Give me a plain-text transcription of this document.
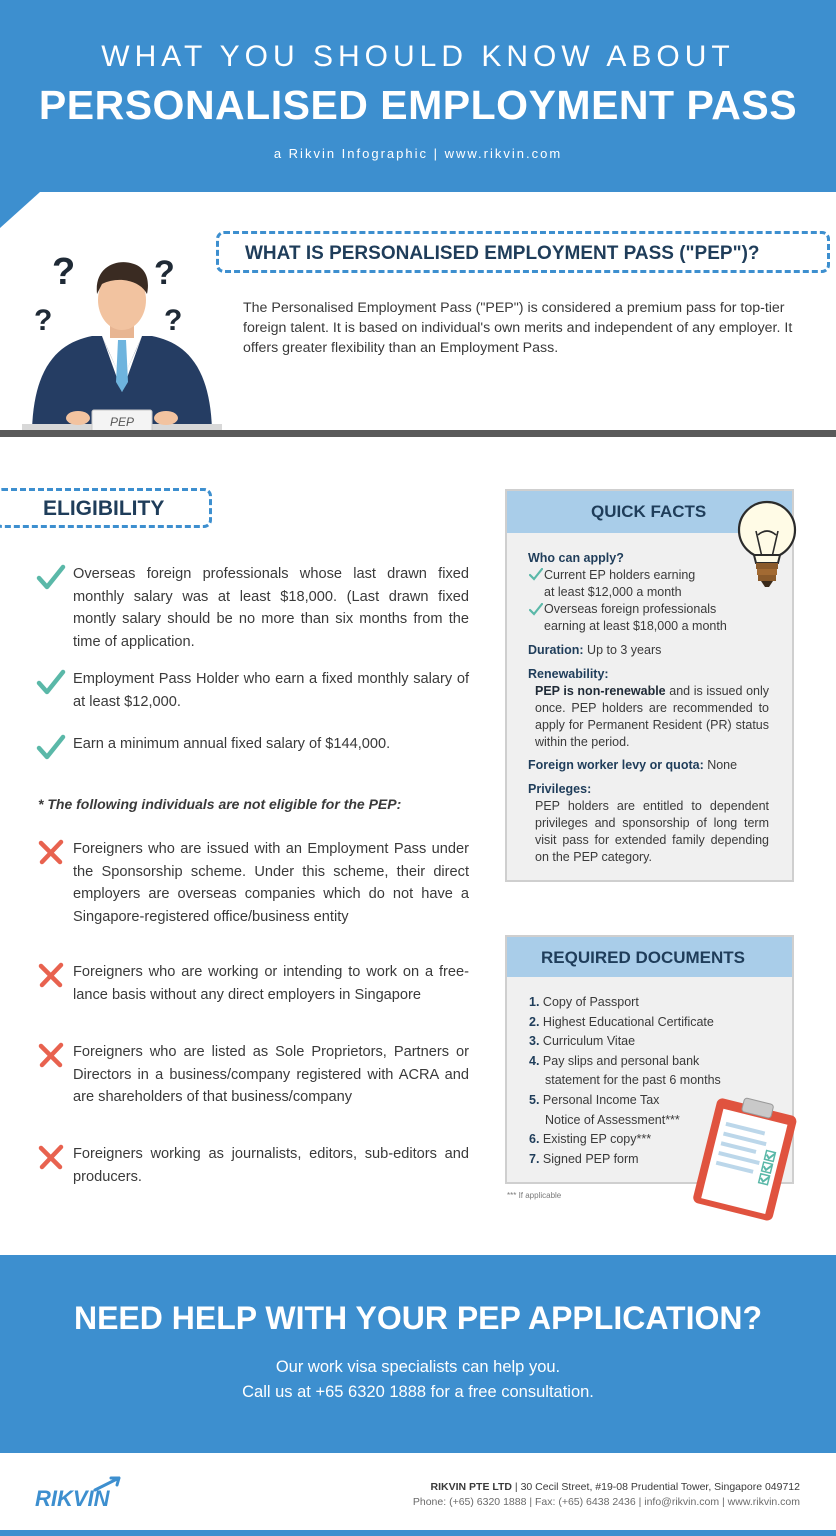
WHAT YOU SHOULD KNOW ABOUT
PERSONALISED EMPLOYMENT PASS
a Rikvin Infographic | www.rikvin.com
? ?
?	?
PEP
WHAT IS PERSONALISED EMPLOYMENT PASS ("PEP")?
The Personalised Employment Pass ("PEP") is considered a premium pass for top-tier foreign talent. It is based on individual's own merits and independent of any employer. It offers greater flexibility than an Employment Pass.
ELIGIBILITY
Overseas foreign professionals whose last drawn fixed monthly salary was at least $18,000. (Last drawn fixed montly salary should be no more than six months from the time of application.
Employment Pass Holder who earn a fixed monthly salary of at least $12,000.
Earn a minimum annual fixed salary of $144,000.
* The following individuals are not eligible for the PEP:
Foreigners who are issued with an Employment Pass under the Sponsorship scheme. Under this scheme, their direct employers are overseas companies which do not have a Singapore-registered office/business entity
Foreigners who are working or intending to work on a free-lance basis without any direct employers in Singapore
Foreigners who are listed as Sole Proprietors, Partners or Directors in a business/company registered with ACRA and are shareholders of that business/company
Foreigners working as journalists, editors, sub-editors and producers.
QUICK FACTS
Who can apply?
Current EP holders earning
at least $12,000 a month
Overseas foreign professionals
earning at least $18,000 a month
Duration: Up to 3 years
Renewability:
PEP is non-renewable and is issued only once. PEP holders are recommended to apply for Permanent Resident (PR) status within the period.
Foreign worker levy or quota: None
Privileges:
PEP holders are entitled to dependent privileges and sponsorship of long term visit pass for extended family depending on the PEP category.
REQUIRED DOCUMENTS
1. Copy of Passport
2. Highest Educational Certificate
3. Curriculum Vitae
4. Pay slips and personal bank
statement for the past 6 months
5. Personal Income Tax
Notice of Assessment***
6. Existing EP copy***
7. Signed PEP form
*** If applicable
NEED HELP WITH YOUR PEP APPLICATION?
Our work visa specialists can help you.
Call us at +65 6320 1888 for a free consultation.
RIKVIN	RIKVIN PTE LTD | 30 Cecil Street, #19-08 Prudential Tower, Singapore 049712
Phone: (+65) 6320 1888 | Fax: (+65) 6438 2436 | info@rikvin.com | www.rikvin.com
